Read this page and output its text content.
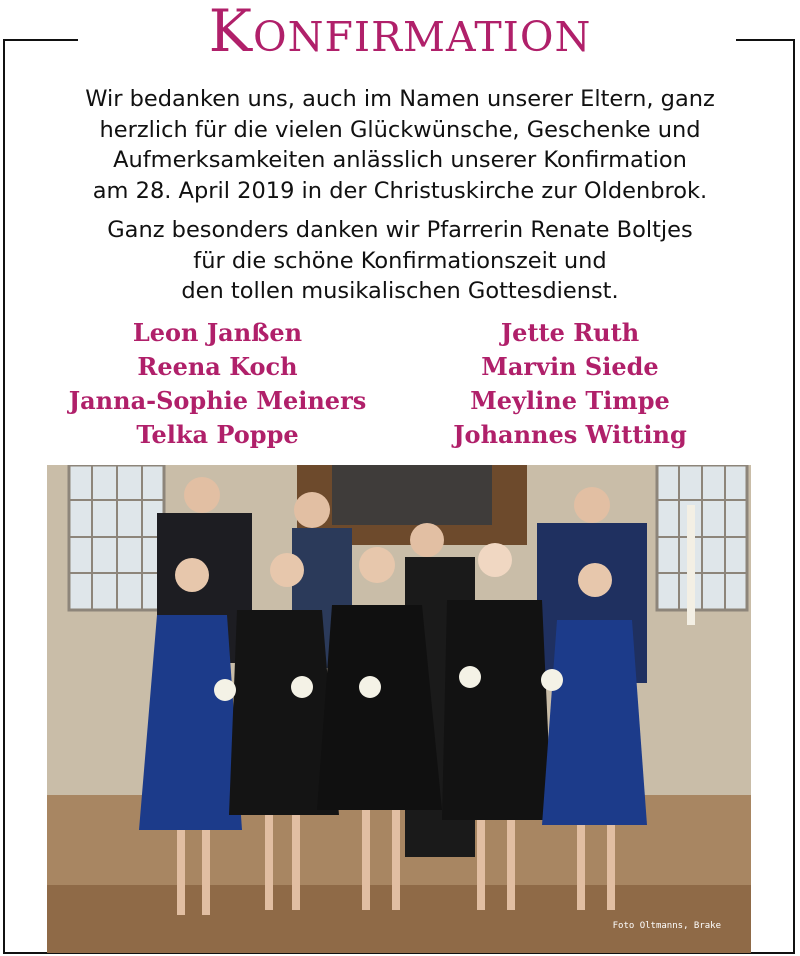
Konfirmation
Wir bedanken uns, auch im Namen unserer Eltern, ganz
herzlich für die vielen Glückwünsche, Geschenke und
Aufmerksamkeiten anlässlich unserer Konfirmation
am 28. April 2019 in der Christuskirche zur Oldenbrok.
Ganz besonders danken wir Pfarrerin Renate Boltjes
für die schöne Konfirmationszeit und
den tollen musikalischen Gottesdienst.
Leon Janßen
Reena Koch
Janna-Sophie Meiners
Telka Poppe
Jette Ruth
Marvin Siede
Meyline Timpe
Johannes Witting
Foto Oltmanns, Brake
